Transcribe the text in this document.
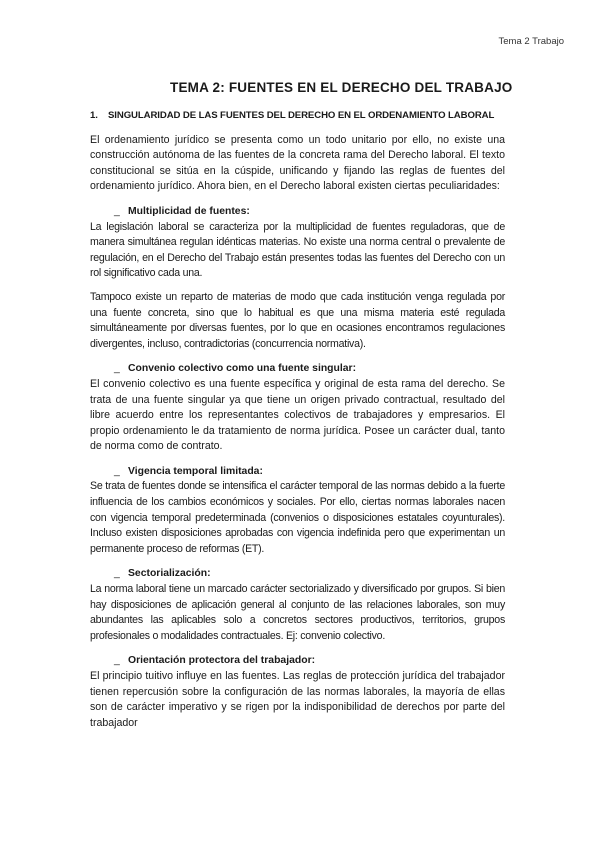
Tema 2 Trabajo
TEMA 2: FUENTES EN EL DERECHO DEL TRABAJO
1. SINGULARIDAD DE LAS FUENTES DEL DERECHO EN EL ORDENAMIENTO LABORAL

El ordenamiento jurídico se presenta como un todo unitario por ello, no existe una construcción autónoma de las fuentes de la concreta rama del Derecho laboral. El texto constitucional se sitúa en la cúspide, unificando y fijando las reglas de fuentes del ordenamiento jurídico. Ahora bien, en el Derecho laboral existen ciertas peculiaridades:

_ Multiplicidad de fuentes:

La legislación laboral se caracteriza por la multiplicidad de fuentes reguladoras, que de manera simultánea regulan idénticas materias. No existe una norma central o prevalente de regulación, en el Derecho del Trabajo están presentes todas las fuentes del Derecho con un rol significativo cada una.

Tampoco existe un reparto de materias de modo que cada institución venga regulada por una fuente concreta, sino que lo habitual es que una misma materia esté regulada simultáneamente por diversas fuentes, por lo que en ocasiones encontramos regulaciones divergentes, incluso, contradictorias (concurrencia normativa).

_ Convenio colectivo como una fuente singular:

El convenio colectivo es una fuente específica y original de esta rama del derecho. Se trata de una fuente singular ya que tiene un origen privado contractual, resultado del libre acuerdo entre los representantes colectivos de trabajadores y empresarios. El propio ordenamiento le da tratamiento de norma jurídica. Posee un carácter dual, tanto de norma como de contrato.

_ Vigencia temporal limitada:

Se trata de fuentes donde se intensifica el carácter temporal de las normas debido a la fuerte influencia de los cambios económicos y sociales. Por ello, ciertas normas laborales nacen con vigencia temporal predeterminada (convenios o disposiciones estatales coyunturales). Incluso existen disposiciones aprobadas con vigencia indefinida pero que experimentan un permanente proceso de reformas (ET).

_ Sectorialización:

La norma laboral tiene un marcado carácter sectorializado y diversificado por grupos. Si bien hay disposiciones de aplicación general al conjunto de las relaciones laborales, son muy abundantes las aplicables solo a concretos sectores productivos, territorios, grupos profesionales o modalidades contractuales. Ej: convenio colectivo.

_ Orientación protectora del trabajador:

El principio tuitivo influye en las fuentes. Las reglas de protección jurídica del trabajador tienen repercusión sobre la configuración de las normas laborales, la mayoría de ellas son de carácter imperativo y se rigen por la indisponibilidad de derechos por parte del trabajador
